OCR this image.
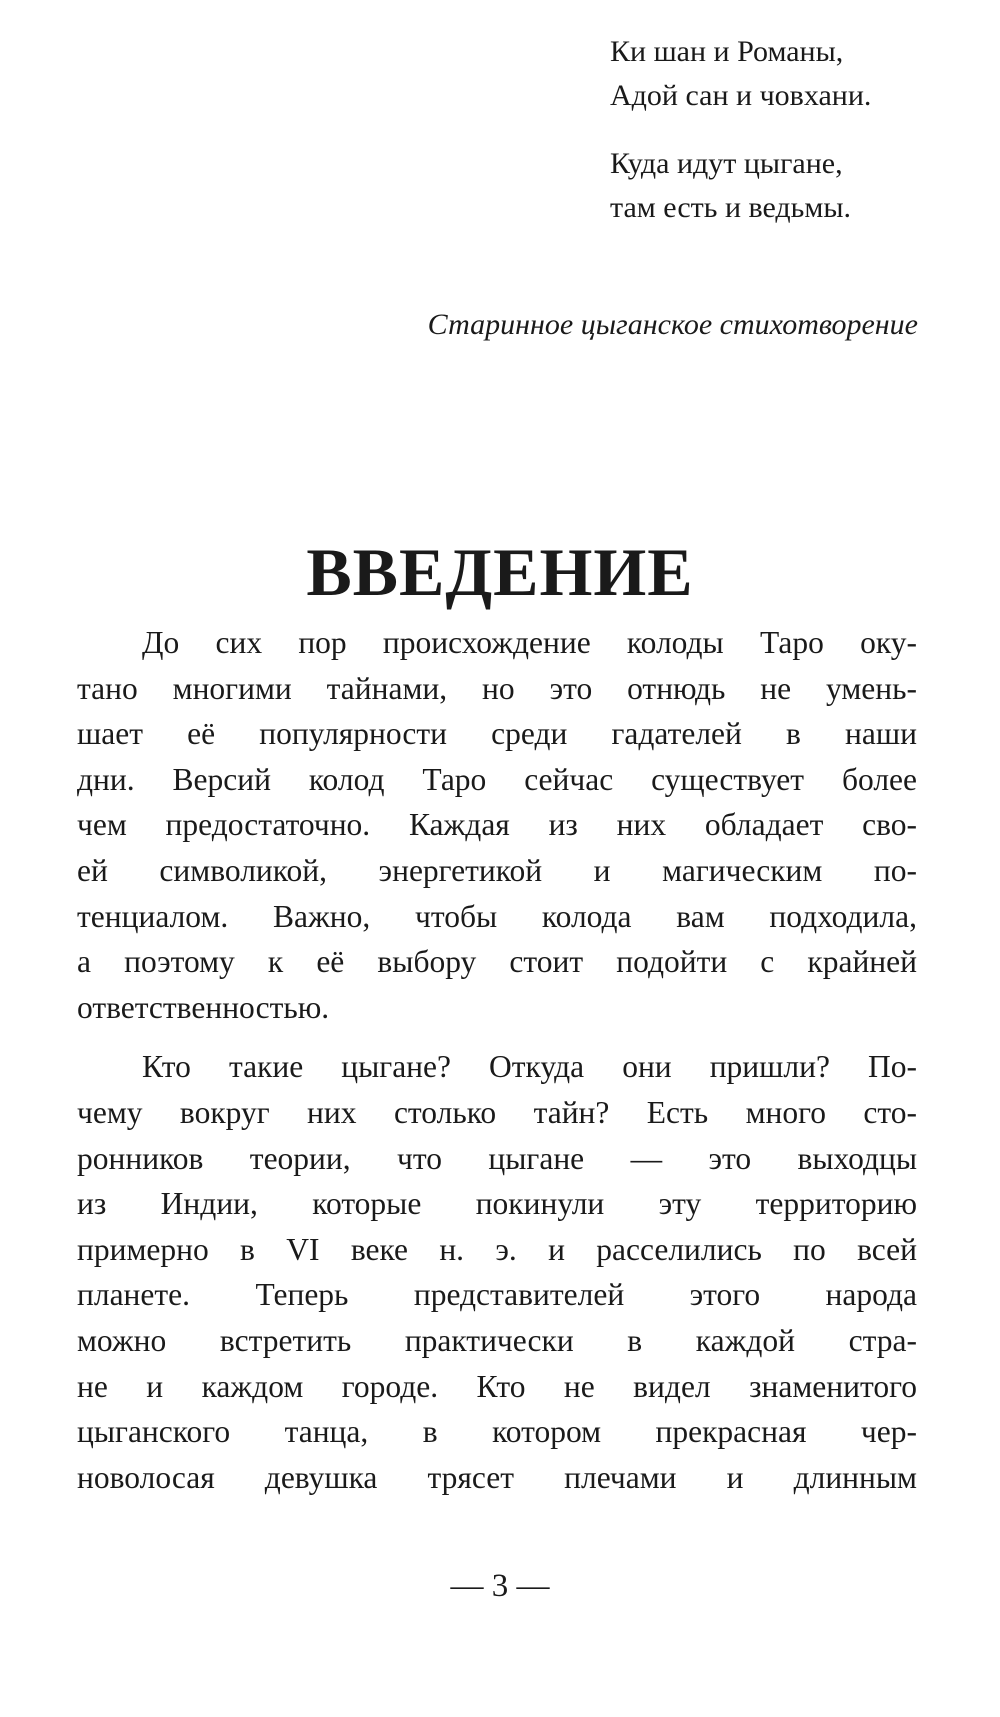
Ки шан и Романы,
Адой сан и човхани.
Куда идут цыгане,
там есть и ведьмы.
Старинное цыганское стихотворение
ВВЕДЕНИЕ
До сих пор происхождение колоды Таро оку-
тано многими тайнами, но это отнюдь не умень-
шает её популярности среди гадателей в наши
дни. Версий колод Таро сейчас существует более
чем предостаточно. Каждая из них обладает сво-
ей символикой, энергетикой и магическим по-
тенциалом. Важно, чтобы колода вам подходила,
а поэтому к её выбору стоит подойти с крайней
ответственностью.
Кто такие цыгане? Откуда они пришли? По-
чему вокруг них столько тайн? Есть много сто-
ронников теории, что цыгане — это выходцы
из Индии, которые покинули эту территорию
примерно в VI веке н. э. и расселились по всей
планете. Теперь представителей этого народа
можно встретить практически в каждой стра-
не и каждом городе. Кто не видел знаменитого
цыганского танца, в котором прекрасная чер-
новолосая девушка трясет плечами и длинным
— 3 —
